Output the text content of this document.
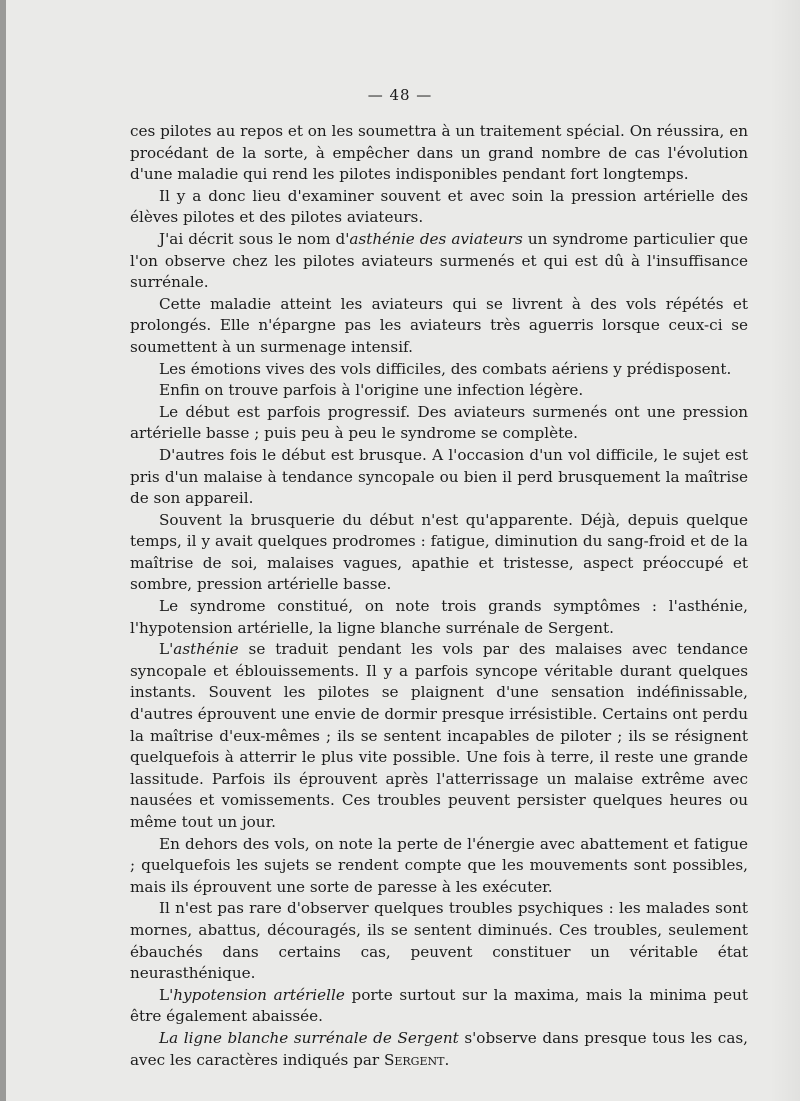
— 48 —

ces pilotes au repos et on les soumettra à un traitement spécial. On réussira, en procédant de la sorte, à empêcher dans un grand nombre de cas l'évolution d'une maladie qui rend les pilotes indisponibles pendant fort longtemps.

Il y a donc lieu d'examiner souvent et avec soin la pression artérielle des élèves pilotes et des pilotes aviateurs.

J'ai décrit sous le nom d'asthénie des aviateurs un syndrome particulier que l'on observe chez les pilotes aviateurs surmenés et qui est dû à l'insuffisance surrénale.

Cette maladie atteint les aviateurs qui se livrent à des vols répétés et prolongés. Elle n'épargne pas les aviateurs très aguerris lorsque ceux-ci se soumettent à un surmenage intensif.

Les émotions vives des vols difficiles, des combats aériens y prédisposent.

Enfin on trouve parfois à l'origine une infection légère.

Le début est parfois progressif. Des aviateurs surmenés ont une pression artérielle basse ; puis peu à peu le syndrome se complète.

D'autres fois le début est brusque. A l'occasion d'un vol difficile, le sujet est pris d'un malaise à tendance syncopale ou bien il perd brusquement la maîtrise de son appareil.

Souvent la brusquerie du début n'est qu'apparente. Déjà, depuis quelque temps, il y avait quelques prodromes : fatigue, diminution du sang-froid et de la maîtrise de soi, malaises vagues, apathie et tristesse, aspect préoccupé et sombre, pression artérielle basse.

Le syndrome constitué, on note trois grands symptômes : l'asthénie, l'hypotension artérielle, la ligne blanche surrénale de Sergent.

L'asthénie se traduit pendant les vols par des malaises avec tendance syncopale et éblouissements. Il y a parfois syncope véritable durant quelques instants. Souvent les pilotes se plaignent d'une sensation indéfinissable, d'autres éprouvent une envie de dormir presque irrésistible. Certains ont perdu la maîtrise d'eux-mêmes ; ils se sentent incapables de piloter ; ils se résignent quelquefois à atterrir le plus vite possible. Une fois à terre, il reste une grande lassitude. Parfois ils éprouvent après l'atterrissage un malaise extrême avec nausées et vomissements. Ces troubles peuvent persister quelques heures ou même tout un jour.

En dehors des vols, on note la perte de l'énergie avec abattement et fatigue ; quelquefois les sujets se rendent compte que les mouvements sont possibles, mais ils éprouvent une sorte de paresse à les exécuter.

Il n'est pas rare d'observer quelques troubles psychiques : les malades sont mornes, abattus, découragés, ils se sentent diminués. Ces troubles, seulement ébauchés dans certains cas, peuvent constituer un véritable état neurasthénique.

L'hypotension artérielle porte surtout sur la maxima, mais la minima peut être également abaissée.

La ligne blanche surrénale de Sergent s'observe dans presque tous les cas, avec les caractères indiqués par Sergent.
